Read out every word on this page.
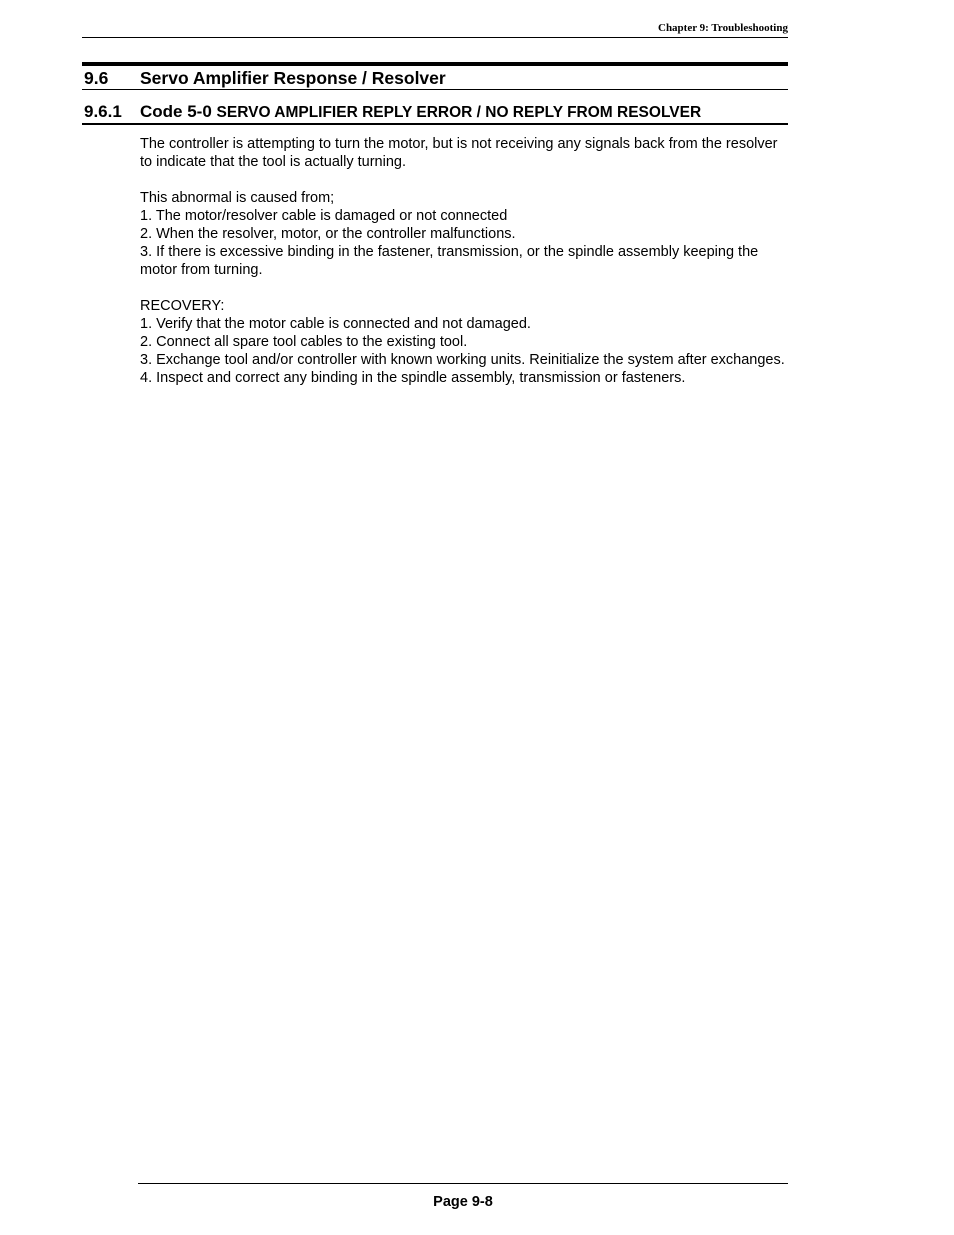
Chapter 9: Troubleshooting
9.6 Servo Amplifier Response / Resolver
9.6.1 Code 5-0 SERVO AMPLIFIER REPLY ERROR / NO REPLY FROM RESOLVER

The controller is attempting to turn the motor, but is not receiving any signals back from the resolver to indicate that the tool is actually turning.

This abnormal is caused from;

1. The motor/resolver cable is damaged or not connected

2. When the resolver, motor, or the controller malfunctions.

3. If there is excessive binding in the fastener, transmission, or the spindle assembly keeping the motor from turning.

RECOVERY:

1. Verify that the motor cable is connected and not damaged.

2. Connect all spare tool cables to the existing tool.

3. Exchange tool and/or controller with known working units. Reinitialize the system after exchanges.

4. Inspect and correct any binding in the spindle assembly, transmission or fasteners.

Page 9-8
